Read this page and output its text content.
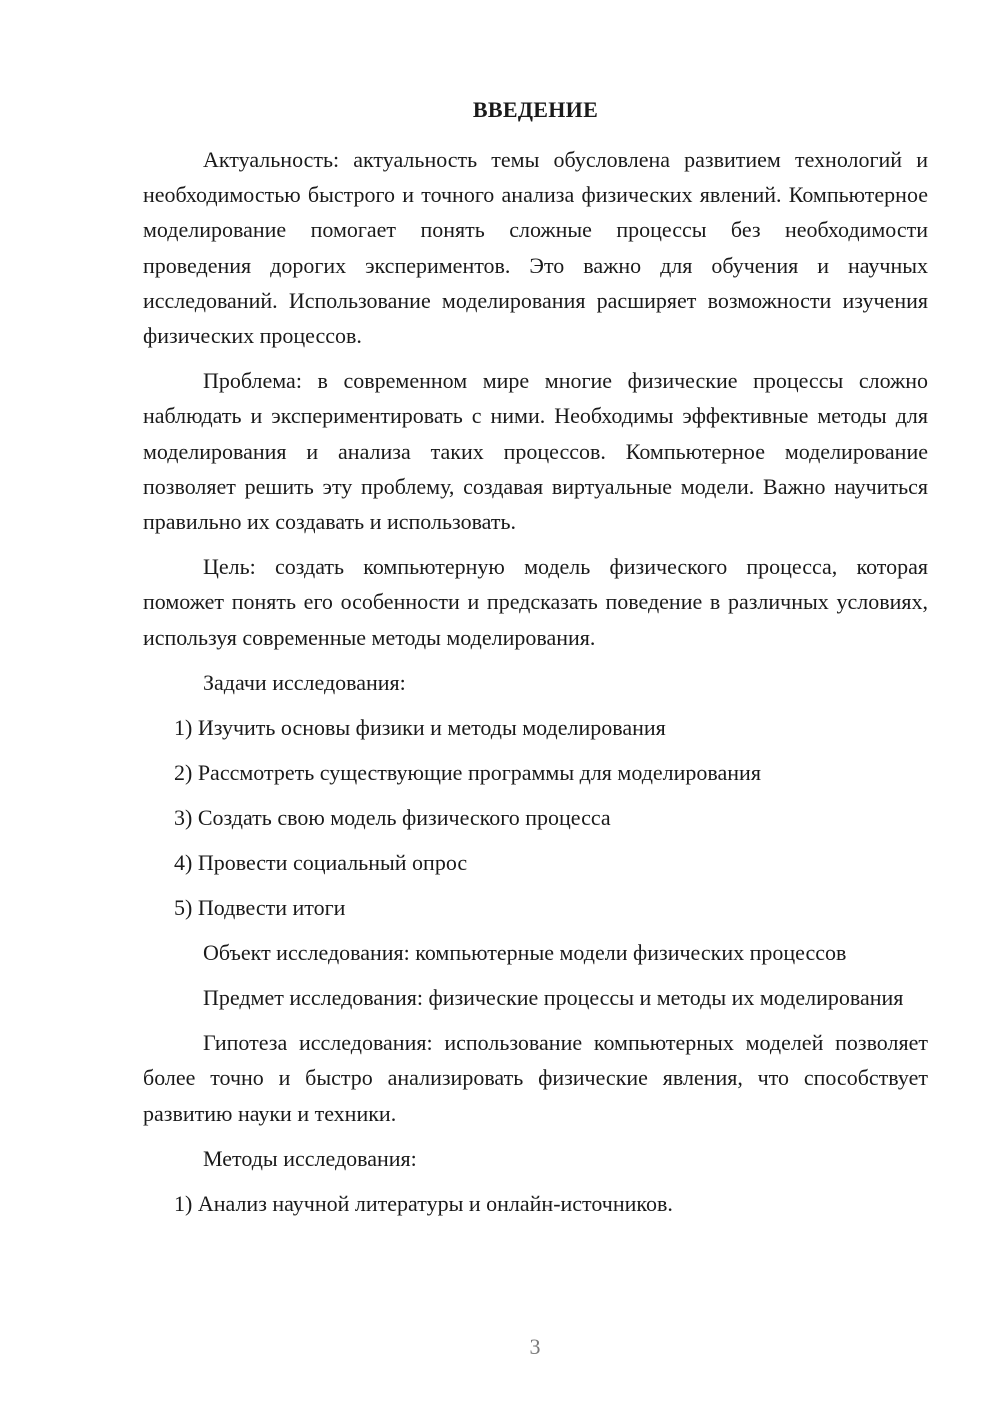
ВВЕДЕНИЕ

Актуальность: актуальность темы обусловлена развитием технологий и необходимостью быстрого и точного анализа физических явлений. Компьютерное моделирование помогает понять сложные процессы без необходимости проведения дорогих экспериментов. Это важно для обучения и научных исследований. Использование моделирования расширяет возможности изучения физических процессов.

Проблема: в современном мире многие физические процессы сложно наблюдать и экспериментировать с ними. Необходимы эффективные методы для моделирования и анализа таких процессов. Компьютерное моделирование позволяет решить эту проблему, создавая виртуальные модели. Важно научиться правильно их создавать и использовать.

Цель: создать компьютерную модель физического процесса, которая поможет понять его особенности и предсказать поведение в различных условиях, используя современные методы моделирования.

Задачи исследования:

1) Изучить основы физики и методы моделирования
2) Рассмотреть существующие программы для моделирования
3) Создать свою модель физического процесса
4) Провести социальный опрос
5) Подвести итоги

Объект исследования: компьютерные модели физических процессов

Предмет исследования: физические процессы и методы их моделирования

Гипотеза исследования: использование компьютерных моделей позволяет более точно и быстро анализировать физические явления, что способствует развитию науки и техники.

Методы исследования:

1) Анализ научной литературы и онлайн-источников.
3
